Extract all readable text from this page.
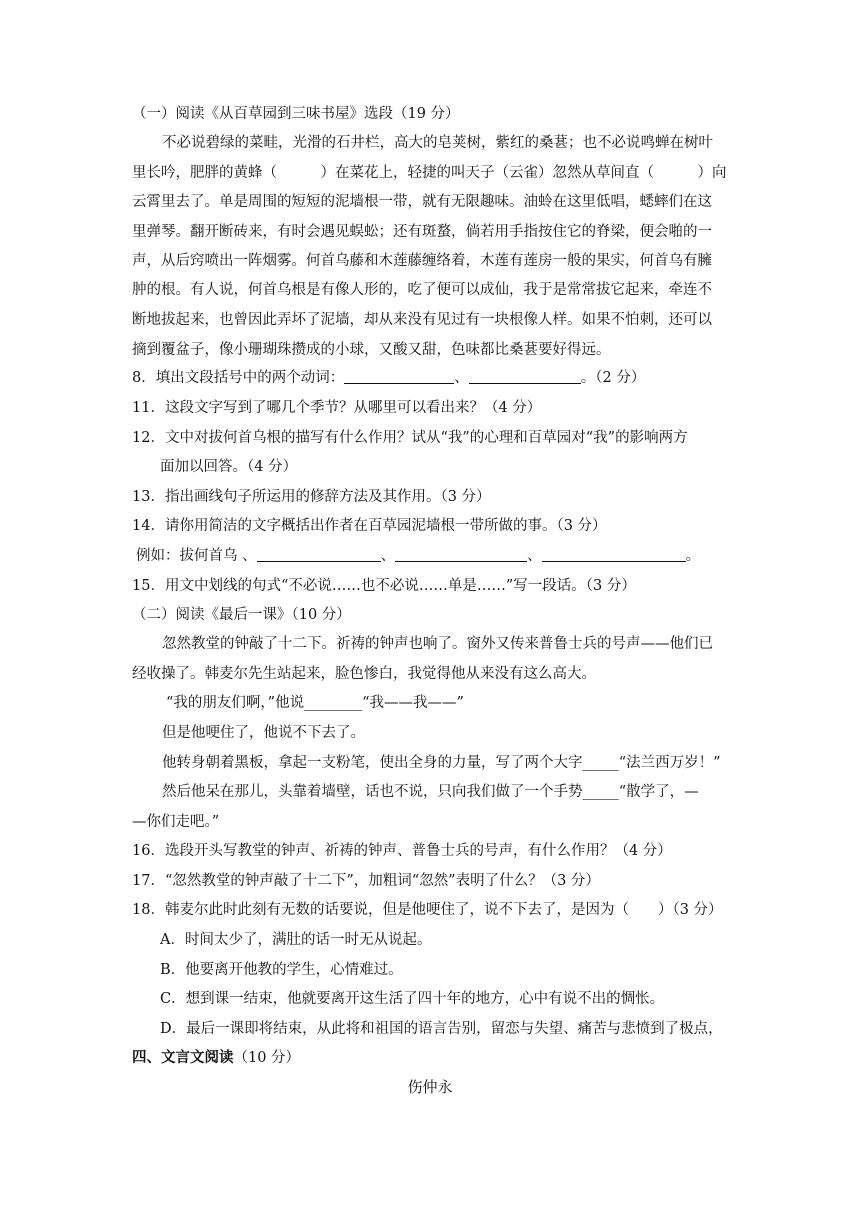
（一）阅读《从百草园到三味书屋》选段（19 分）
不必说碧绿的菜畦，光滑的石井栏，高大的皂荚树，紫红的桑葚；也不必说鸣蝉在树叶
里长吟，肥胖的黄蜂（　　　）在菜花上，轻捷的叫天子（云雀）忽然从草间直（　　　）向
云霄里去了。单是周围的短短的泥墙根一带，就有无限趣味。油蛉在这里低唱，蟋蟀们在这
里弹琴。翻开断砖来，有时会遇见蜈蚣；还有斑蝥，倘若用手指按住它的脊梁，便会啪的一
声，从后窍喷出一阵烟雾。何首乌藤和木莲藤缠络着，木莲有莲房一般的果实，何首乌有臃
肿的根。有人说，何首乌根是有像人形的，吃了便可以成仙，我于是常常拔它起来，牵连不
断地拔起来，也曾因此弄坏了泥墙，却从来没有见过有一块根像人样。如果不怕刺，还可以
摘到覆盆子，像小珊瑚珠攒成的小球，又酸又甜，色味都比桑葚要好得远。
8．填出文段括号中的两个动词：	、	。（2 分）
11．这段文字写到了哪几个季节？从哪里可以看出来？（4 分）
12．文中对拔何首乌根的描写有什么作用？试从“我”的心理和百草园对“我”的影响两方
面加以回答。（4 分）
13．指出画线句子所运用的修辞方法及其作用。（3 分）
14．请你用简洁的文字概括出作者在百草园泥墙根一带所做的事。（3 分）
例如：拔何首乌 、	、	、	。
15．用文中划线的句式“不必说……也不必说……单是……”写一段话。（3 分）
（二）阅读《最后一课》（10 分）
忽然教堂的钟敲了十二下。祈祷的钟声也响了。窗外又传来普鲁士兵的号声——他们已
经收操了。韩麦尔先生站起来，脸色惨白，我觉得他从来没有这么高大。
“我的朋友们啊，”他说________“我——我——”
但是他哽住了，他说不下去了。
他转身朝着黑板，拿起一支粉笔，使出全身的力量，写了两个大字_____“法兰西万岁！”
然后他呆在那儿，头靠着墙壁，话也不说，只向我们做了一个手势_____“散学了，—
—你们走吧。”
16．选段开头写教堂的钟声、祈祷的钟声、普鲁士兵的号声，有什么作用？（4 分）
17．“忽然教堂的钟声敲了十二下”，加粗词“忽然”表明了什么？（3 分）
18．韩麦尔此时此刻有无数的话要说，但是他哽住了，说不下去了，是因为（　　）（3 分）
A．时间太少了，满肚的话一时无从说起。
B．他要离开他教的学生，心情难过。
C．想到课一结束，他就要离开这生活了四十年的地方，心中有说不出的惆怅。
D．最后一课即将结束，从此将和祖国的语言告别，留恋与失望、痛苦与悲愤到了极点，
四、文言文阅读（10 分）
伤仲永
